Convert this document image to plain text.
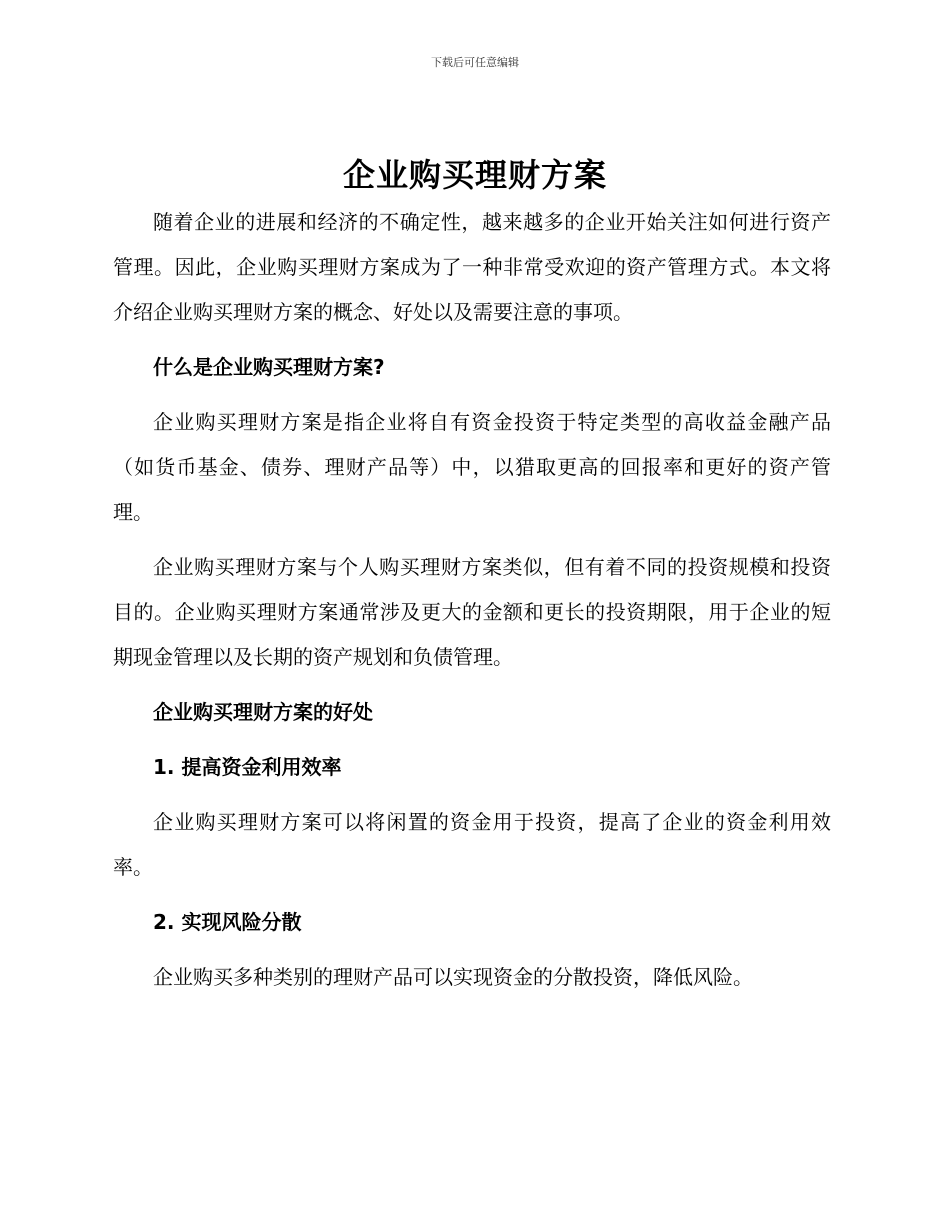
下载后可任意编辑
企业购买理财方案

随着企业的进展和经济的不确定性，越来越多的企业开始关注如何进行资产管理。因此，企业购买理财方案成为了一种非常受欢迎的资产管理方式。本文将介绍企业购买理财方案的概念、好处以及需要注意的事项。

什么是企业购买理财方案?

企业购买理财方案是指企业将自有资金投资于特定类型的高收益金融产品（如货币基金、债券、理财产品等）中，以猎取更高的回报率和更好的资产管理。

企业购买理财方案与个人购买理财方案类似，但有着不同的投资规模和投资目的。企业购买理财方案通常涉及更大的金额和更长的投资期限，用于企业的短期现金管理以及长期的资产规划和负债管理。

企业购买理财方案的好处

1. 提高资金利用效率

企业购买理财方案可以将闲置的资金用于投资，提高了企业的资金利用效率。

2. 实现风险分散

企业购买多种类别的理财产品可以实现资金的分散投资，降低风险。
